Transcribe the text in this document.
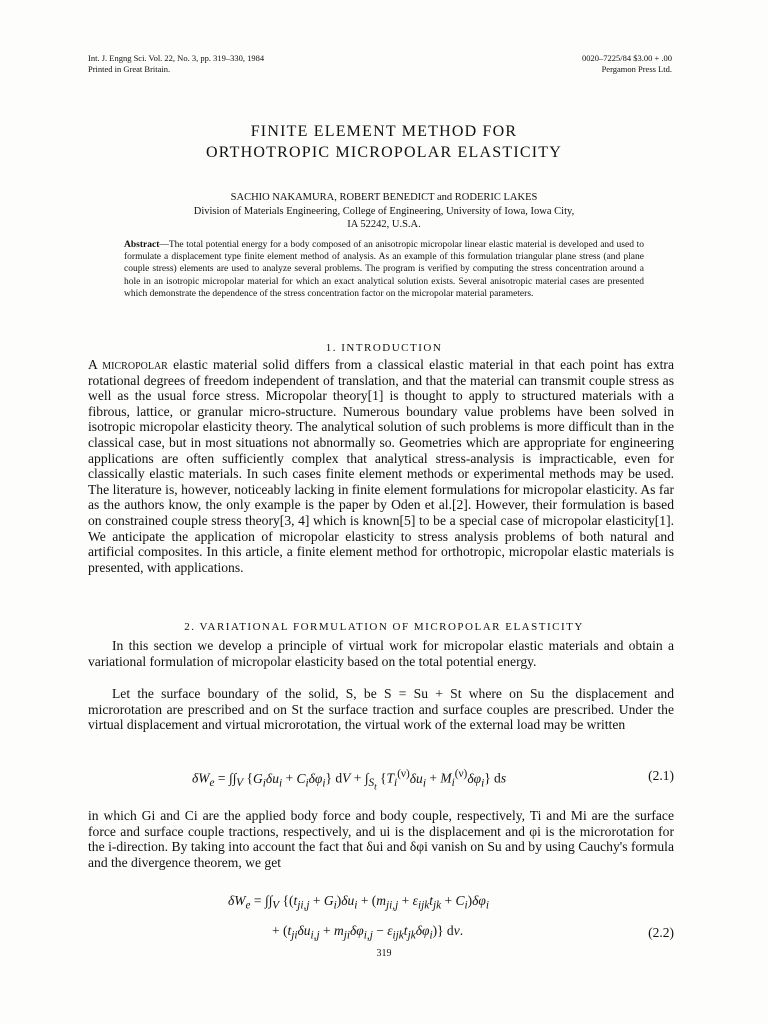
Int. J. Engng Sci. Vol. 22, No. 3, pp. 319–330, 1984
Printed in Great Britain.
0020–7225/84 $3.00 + .00
Pergamon Press Ltd.
FINITE ELEMENT METHOD FOR
ORTHOTROPIC MICROPOLAR ELASTICITY
SACHIO NAKAMURA, ROBERT BENEDICT and RODERIC LAKES
Division of Materials Engineering, College of Engineering, University of Iowa, Iowa City,
IA 52242, U.S.A.
Abstract—The total potential energy for a body composed of an anisotropic micropolar linear elastic material is developed and used to formulate a displacement type finite element method of analysis. As an example of this formulation triangular plane stress (and plane couple stress) elements are used to analyze several problems. The program is verified by computing the stress concentration around a hole in an isotropic micropolar material for which an exact analytical solution exists. Several anisotropic material cases are presented which demonstrate the dependence of the stress concentration factor on the micropolar material parameters.
1. INTRODUCTION

A micropolar elastic material solid differs from a classical elastic material in that each point has extra rotational degrees of freedom independent of translation, and that the material can transmit couple stress as well as the usual force stress. Micropolar theory[1] is thought to apply to structured materials with a fibrous, lattice, or granular micro-structure. Numerous boundary value problems have been solved in isotropic micropolar elasticity theory. The analytical solution of such problems is more difficult than in the classical case, but in most situations not abnormally so. Geometries which are appropriate for engineering applications are often sufficiently complex that analytical stress-analysis is impracticable, even for classically elastic materials. In such cases finite element methods or experimental methods may be used. The literature is, however, noticeably lacking in finite element formulations for micropolar elasticity. As far as the authors know, the only example is the paper by Oden et al.[2]. However, their formulation is based on constrained couple stress theory[3, 4] which is known[5] to be a special case of micropolar elasticity[1]. We anticipate the application of micropolar elasticity to stress analysis problems of both natural and artificial composites. In this article, a finite element method for orthotropic, micropolar elastic materials is presented, with applications.

2. VARIATIONAL FORMULATION OF MICROPOLAR ELASTICITY

In this section we develop a principle of virtual work for micropolar elastic materials and obtain a variational formulation of micropolar elasticity based on the total potential energy.

Let the surface boundary of the solid, S, be S = Su + St where on Su the displacement and microrotation are prescribed and on St the surface traction and surface couples are prescribed. Under the virtual displacement and virtual microrotation, the virtual work of the external load may be written

$\delta W_e = \int\int_V$ $\{G_i\delta u_i + C_i\delta\varphi_i\}$ dV + $\int_{S_t}$ $\{T_i^{(\nu)}\delta u_i + M_i^{(\nu)}\delta\varphi_i\}$ ds	(2.1)

in which Gi and Ci are the applied body force and body couple, respectively, Ti and Mi are the surface force and surface couple tractions, respectively, and ui is the displacement and φi is the microrotation for the i-direction. By taking into account the fact that δui and δφi vanish on Su and by using Cauchy's formula and the divergence theorem, we get

$\delta W_e = \int\int_V$ {$(t_{ji,j} + G_i)\delta u_i + (m_{ji,j} + \varepsilon_{ijk}t_{jk} + C_i)\delta\varphi_i$
+ $(t_{ji}\delta u_{i,j} + m_{ji}\delta\varphi_{i,j} - \varepsilon_{ijk}t_{jk}\delta\varphi_i)$} dv.	(2.2)
319
